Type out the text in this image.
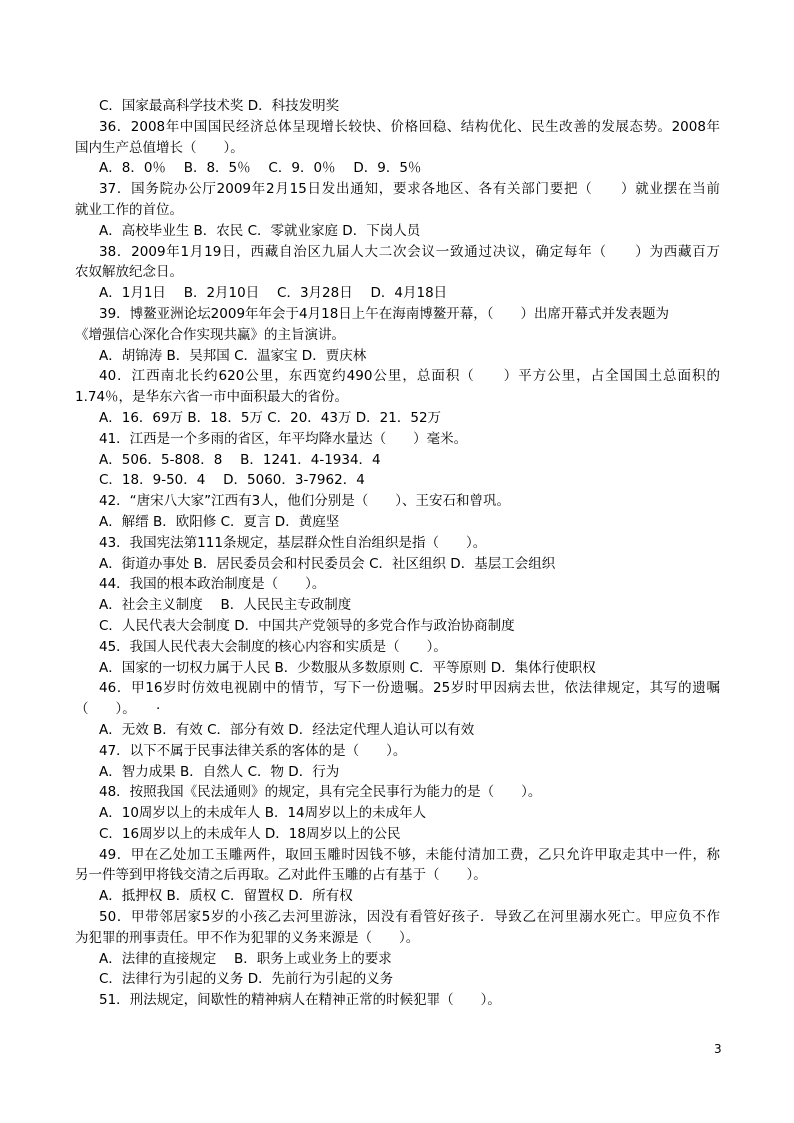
C．国家最高科学技术奖 D．科技发明奖
36．2008年中国国民经济总体呈现增长较快、价格回稳、结构优化、民生改善的发展态势。2008年
国内生产总值增长（　　）。
A．8．0％　 B．8．5％　 C．9．0％　 D．9．5％
37．国务院办公厅2009年2月15日发出通知，要求各地区、各有关部门要把（　　）就业摆在当前
就业工作的首位。
A．高校毕业生 B．农民 C．零就业家庭 D．下岗人员
38．2009年1月19日，西藏自治区九届人大二次会议一致通过决议，确定每年（　　）为西藏百万
农奴解放纪念日。
A．1月1日　 B．2月10日　 C．3月28日　 D．4月18日
39．博鳌亚洲论坛2009年年会于4月18日上午在海南博鳌开幕，（　　）出席开幕式并发表题为
《增强信心深化合作实现共赢》的主旨演讲。
A．胡锦涛 B．吴邦国 C．温家宝 D．贾庆林
40．江西南北长约620公里，东西宽约490公里，总面积（　　）平方公里，占全国国土总面积的
1.74％，是华东六省一市中面积最大的省份。
A．16．69万 B．18．5万 C．20．43万 D．21．52万
41．江西是一个多雨的省区，年平均降水量达（　　）毫米。
A．506．5-808．8　 B．1241．4-1934．4
C．18．9-50．4　 D．5060．3-7962．4
42．“唐宋八大家”江西有3人，他们分别是（　　）、王安石和曾巩。
A．解缙 B．欧阳修 C．夏言 D．黄庭坚
43．我国宪法第111条规定，基层群众性自治组织是指（　　）。
A．街道办事处 B．居民委员会和村民委员会 C．社区组织 D．基层工会组织
44．我国的根本政治制度是（　　）。
A．社会主义制度　 B．人民民主专政制度
C．人民代表大会制度 D．中国共产党领导的多党合作与政治协商制度
45．我国人民代表大会制度的核心内容和实质是（　　）。
A．国家的一切权力属于人民 B．少数服从多数原则 C．平等原则 D．集体行使职权
46．甲16岁时仿效电视剧中的情节，写下一份遗嘱。25岁时甲因病去世，依法律规定，其写的遗嘱
（　　）。　　·
A．无效 B．有效 C．部分有效 D．经法定代理人追认可以有效
47．以下不属于民事法律关系的客体的是（　　）。
A．智力成果 B．自然人 C．物 D．行为
48．按照我国《民法通则》的规定，具有完全民事行为能力的是（　　）。
A．10周岁以上的未成年人 B．14周岁以上的未成年人
C．16周岁以上的未成年人 D．18周岁以上的公民
49．甲在乙处加工玉雕两件，取回玉雕时因钱不够，未能付清加工费，乙只允许甲取走其中一件，称
另一件等到甲将钱交清之后再取。乙对此件玉雕的占有基于（　　）。
A．抵押权 B．质权 C．留置权 D．所有权
50．甲带邻居家5岁的小孩乙去河里游泳，因没有看管好孩子．导致乙在河里溺水死亡。甲应负不作
为犯罪的刑事责任。甲不作为犯罪的义务来源是（　　）。
A．法律的直接规定　 B．职务上或业务上的要求
C．法律行为引起的义务 D．先前行为引起的义务
51．刑法规定，间歇性的精神病人在精神正常的时候犯罪（　　）。
3
